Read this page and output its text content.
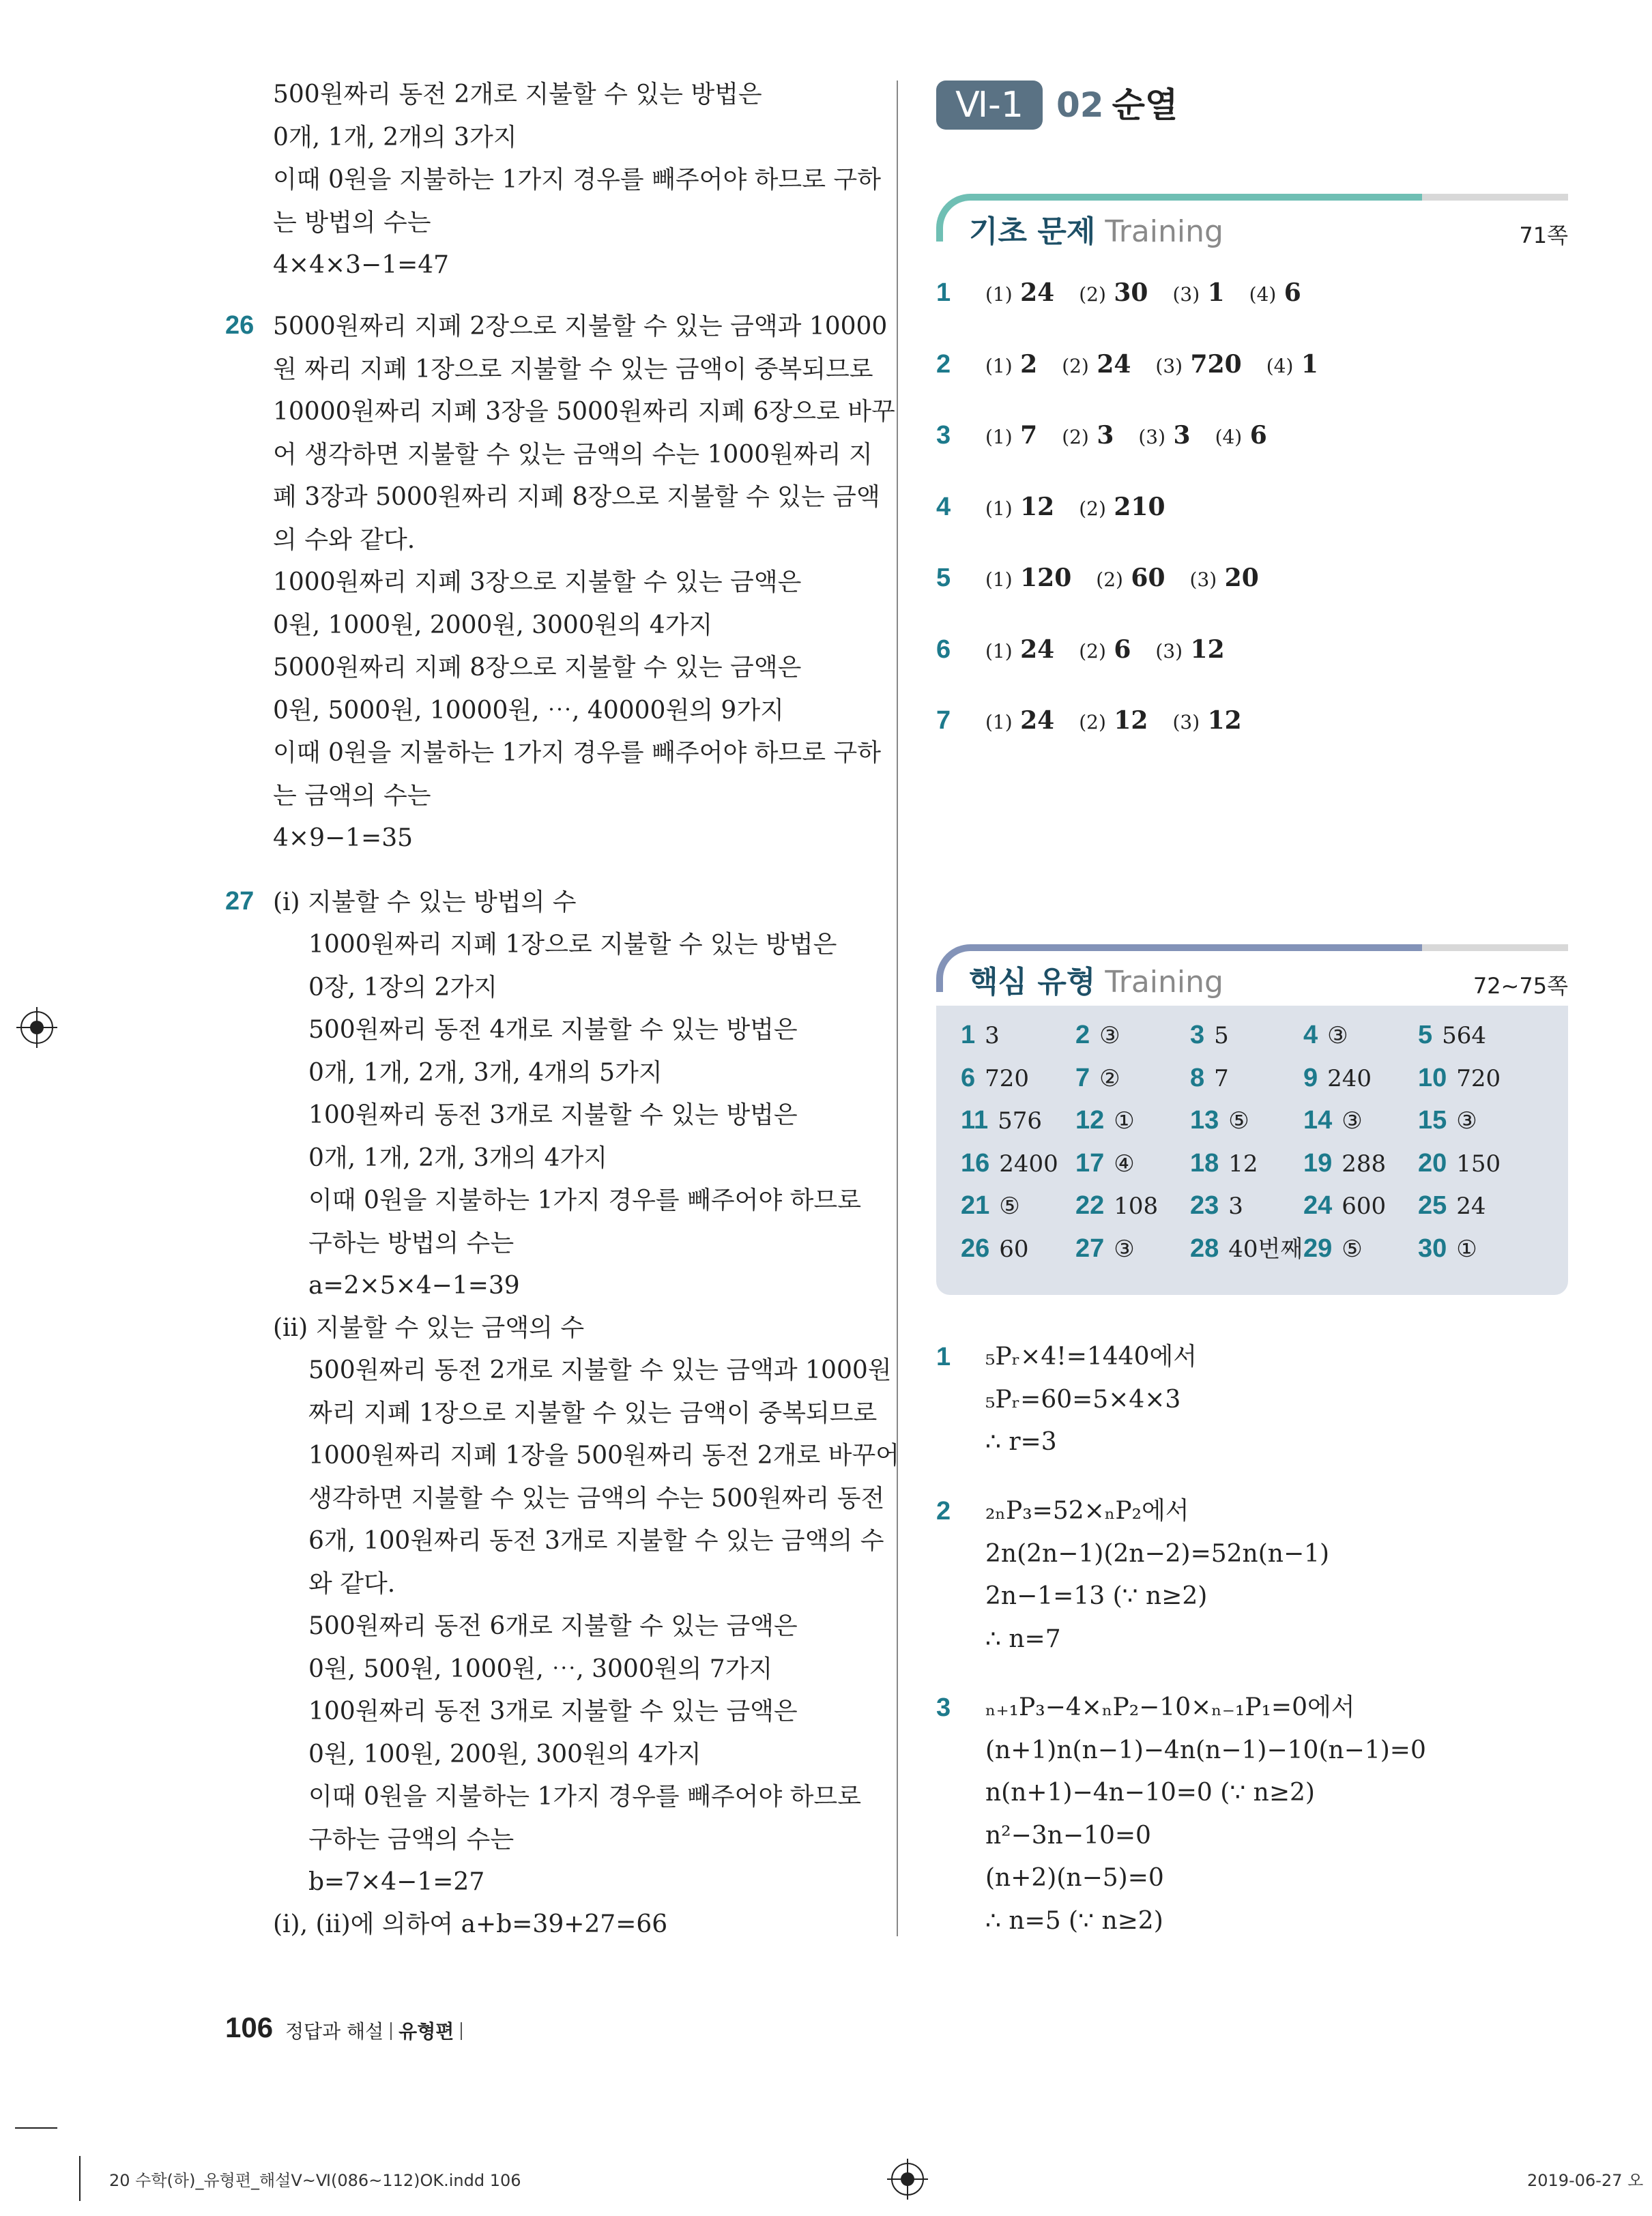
500원짜리 동전 2개로 지불할 수 있는 방법은
0개, 1개, 2개의 3가지
이때 0원을 지불하는 1가지 경우를 빼주어야 하므로 구하
는 방법의 수는
4×4×3−1=47
26 5000원짜리 지폐 2장으로 지불할 수 있는 금액과 10000
원 짜리 지폐 1장으로 지불할 수 있는 금액이 중복되므로
10000원짜리 지폐 3장을 5000원짜리 지폐 6장으로 바꾸
어 생각하면 지불할 수 있는 금액의 수는 1000원짜리 지
폐 3장과 5000원짜리 지폐 8장으로 지불할 수 있는 금액
의 수와 같다.
1000원짜리 지폐 3장으로 지불할 수 있는 금액은
0원, 1000원, 2000원, 3000원의 4가지
5000원짜리 지폐 8장으로 지불할 수 있는 금액은
0원, 5000원, 10000원, ⋯, 40000원의 9가지
이때 0원을 지불하는 1가지 경우를 빼주어야 하므로 구하
는 금액의 수는
4×9−1=35
27 (ⅰ) 지불할 수 있는 방법의 수
1000원짜리 지폐 1장으로 지불할 수 있는 방법은
0장, 1장의 2가지
500원짜리 동전 4개로 지불할 수 있는 방법은
0개, 1개, 2개, 3개, 4개의 5가지
100원짜리 동전 3개로 지불할 수 있는 방법은
0개, 1개, 2개, 3개의 4가지
이때 0원을 지불하는 1가지 경우를 빼주어야 하므로
구하는 방법의 수는
a=2×5×4−1=39
(ⅱ) 지불할 수 있는 금액의 수
500원짜리 동전 2개로 지불할 수 있는 금액과 1000원
짜리 지폐 1장으로 지불할 수 있는 금액이 중복되므로
1000원짜리 지폐 1장을 500원짜리 동전 2개로 바꾸어
생각하면 지불할 수 있는 금액의 수는 500원짜리 동전
6개, 100원짜리 동전 3개로 지불할 수 있는 금액의 수
와 같다.
500원짜리 동전 6개로 지불할 수 있는 금액은
0원, 500원, 1000원, ⋯, 3000원의 7가지
100원짜리 동전 3개로 지불할 수 있는 금액은
0원, 100원, 200원, 300원의 4가지
이때 0원을 지불하는 1가지 경우를 빼주어야 하므로
구하는 금액의 수는
b=7×4−1=27
(ⅰ), (ⅱ)에 의하여 a+b=39+27=66
Ⅵ-1 02 순열
기초 문제 Training	71쪽
1 (1) 24 (2) 30 (3) 1 (4) 6
2 (1) 2 (2) 24 (3) 720 (4) 1
3 (1) 7 (2) 3 (3) 3 (4) 6
4 (1) 12 (2) 210
5 (1) 120 (2) 60 (3) 20
6 (1) 24 (2) 6 (3) 12
7 (1) 24 (2) 12 (3) 12
핵심 유형 Training	72~75쪽
1 3	2 ③	3 5	4 ③	5 564
6 720 7 ②	8 7	9 240 10 720
11 576 12 ① 13 ⑤ 14 ③ 15 ③
16 2400 17 ④ 18 12 19 288 20 150
21 ⑤ 22 108 23 3 24 600 25 24
26 60 27 ③ 28 40번째 29 ⑤ 30 ①
1 ₅Pᵣ×4!=1440에서
₅Pᵣ=60=5×4×3
∴ r=3
2 ₂ₙP₃=52×ₙP₂에서
2n(2n−1)(2n−2)=52n(n−1)
2n−1=13 (∵ n≥2)
∴ n=7
3 ₙ₊₁P₃−4×ₙP₂−10×ₙ₋₁P₁=0에서
(n+1)n(n−1)−4n(n−1)−10(n−1)=0
n(n+1)−4n−10=0 (∵ n≥2)
n²−3n−10=0
(n+2)(n−5)=0
∴ n=5 (∵ n≥2)
106 정답과 해설 유형편
20 수학(하)_유형편_해설Ⅴ~Ⅵ(086~112)OK.indd 106	2019-06-27 오
